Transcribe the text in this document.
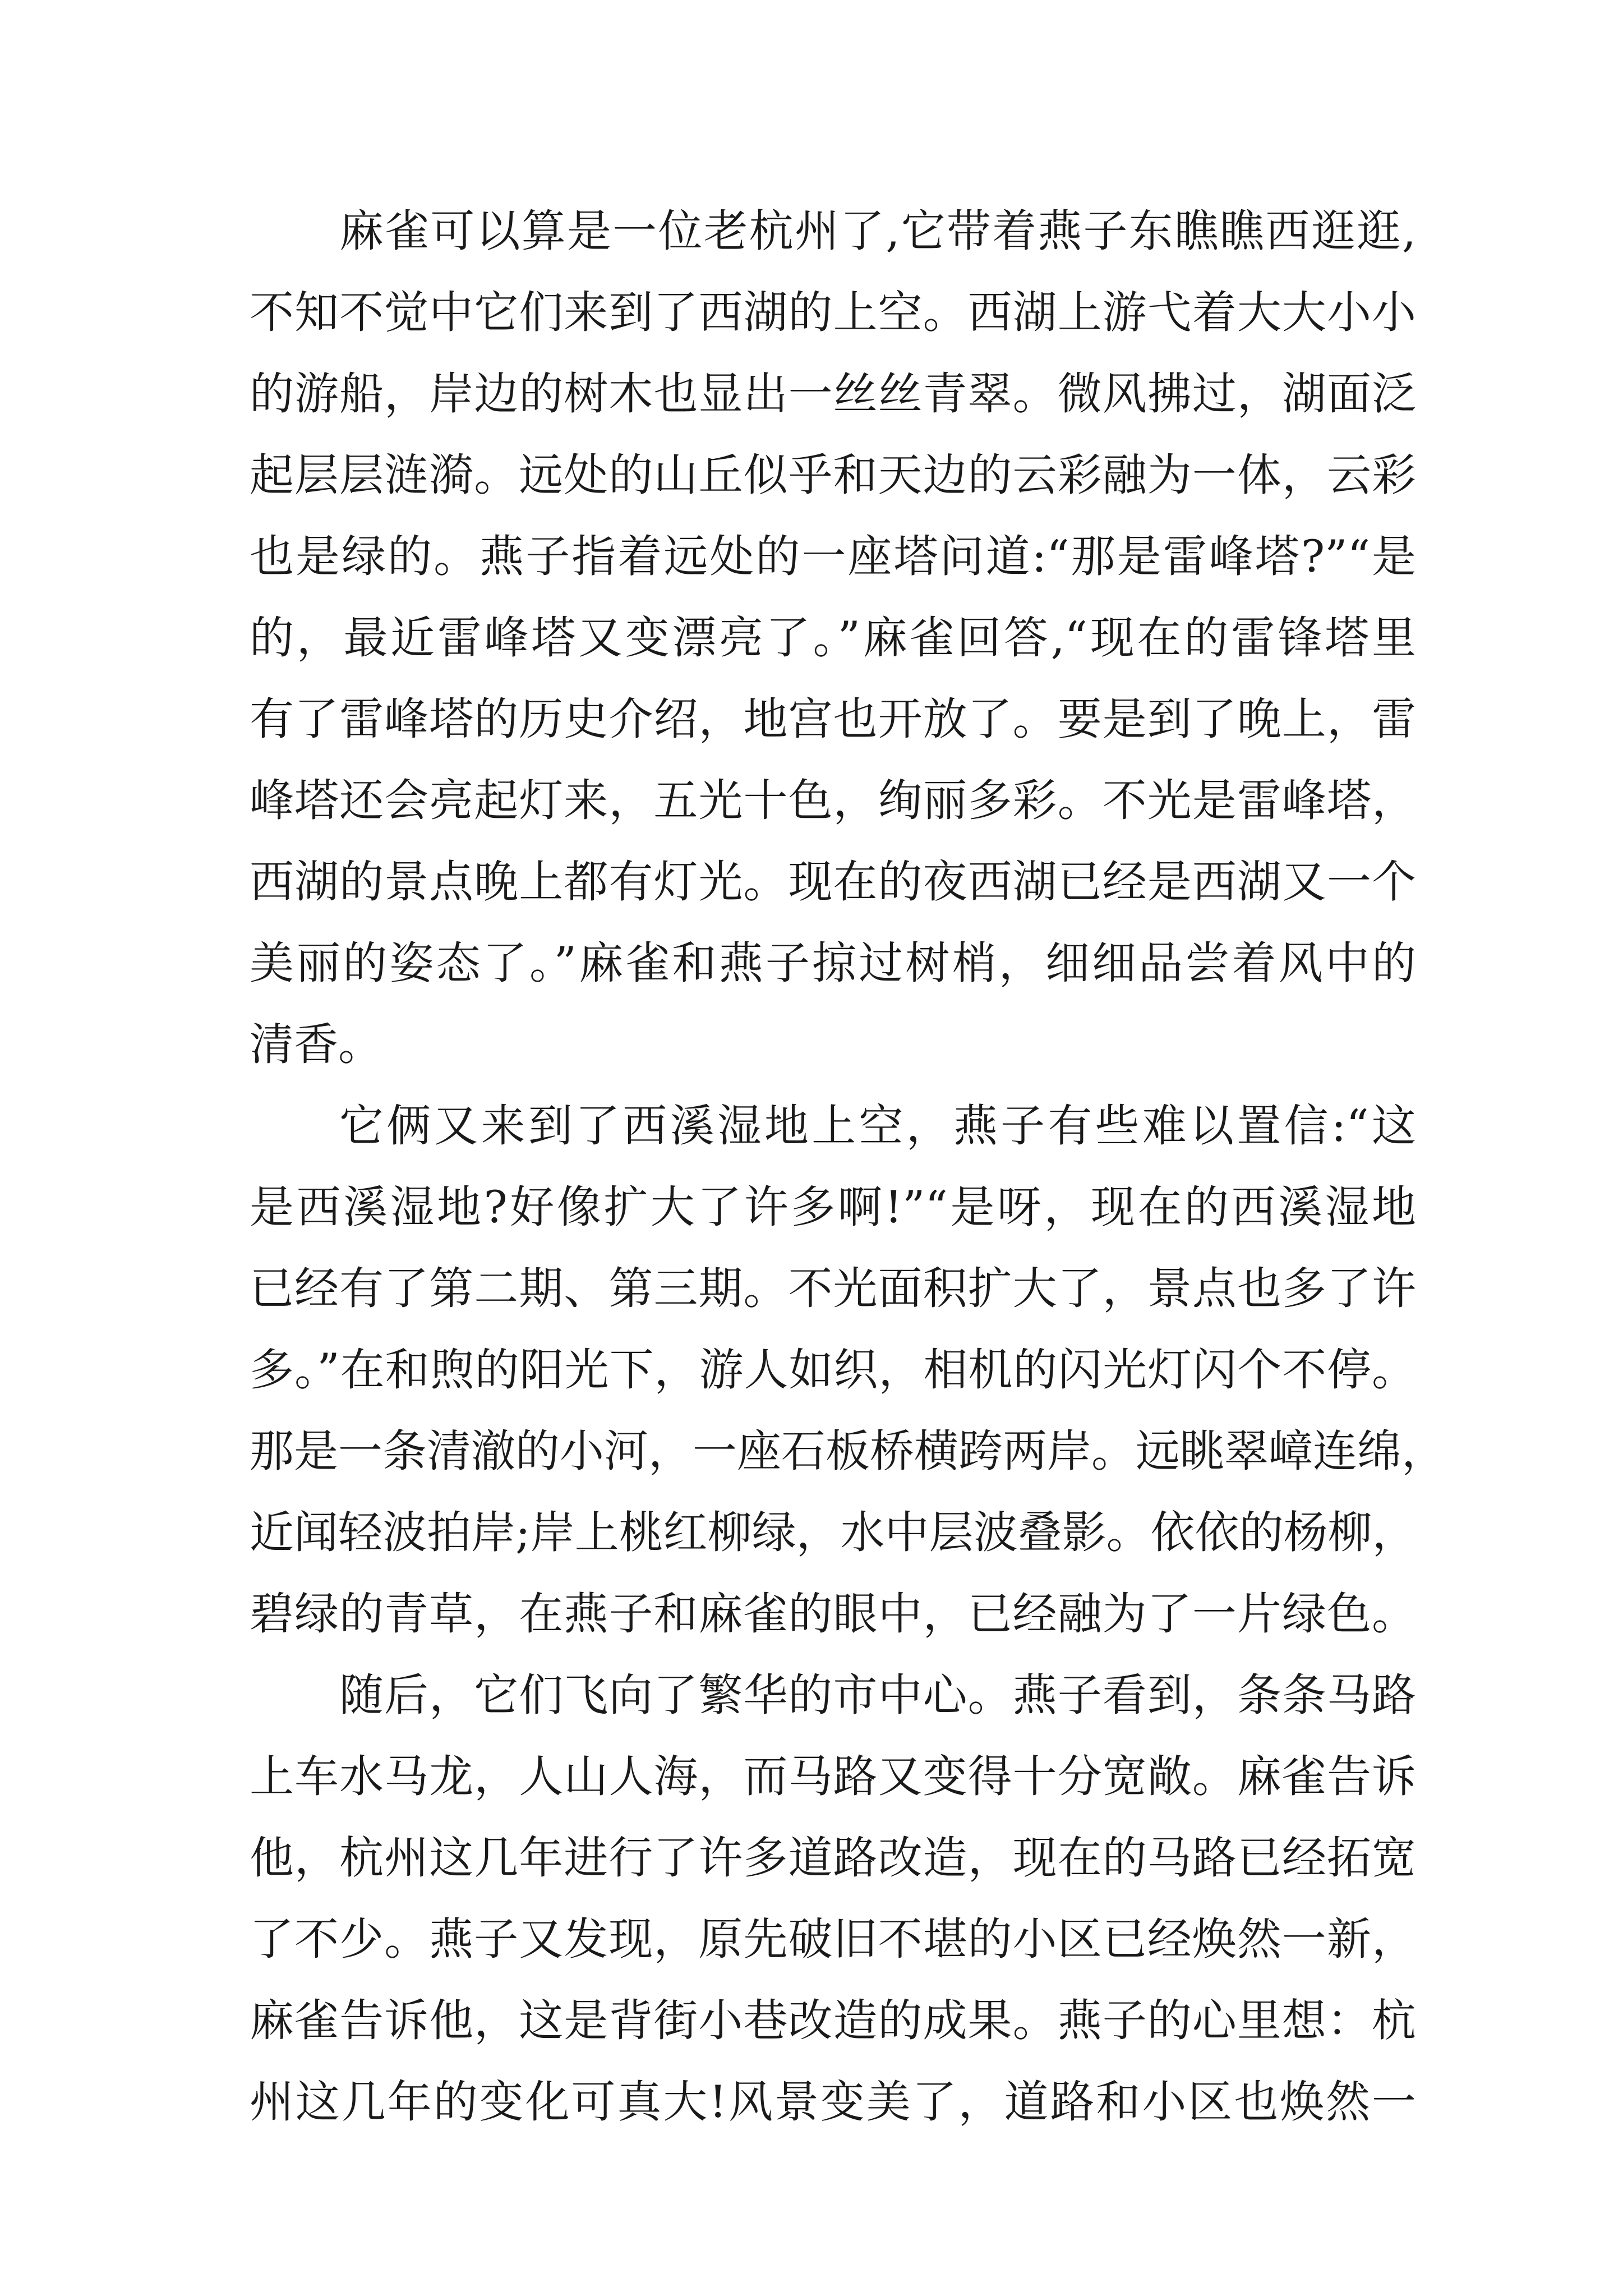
麻雀可以算是一位老杭州了,它带着燕子东瞧瞧西逛逛,
不知不觉中它们来到了西湖的上空。西湖上游弋着大大小小
的游船，岸边的树木也显出一丝丝青翠。微风拂过，湖面泛
起层层涟漪。远处的山丘似乎和天边的云彩融为一体，云彩
也是绿的。燕子指着远处的一座塔问道:“那是雷峰塔?”“是
的，最近雷峰塔又变漂亮了。”麻雀回答,“现在的雷锋塔里
有了雷峰塔的历史介绍，地宫也开放了。要是到了晚上，雷
峰塔还会亮起灯来，五光十色，绚丽多彩。不光是雷峰塔，
西湖的景点晚上都有灯光。现在的夜西湖已经是西湖又一个
美丽的姿态了。”麻雀和燕子掠过树梢，细细品尝着风中的
清香。
它俩又来到了西溪湿地上空，燕子有些难以置信:“这
是西溪湿地?好像扩大了许多啊!”“是呀，现在的西溪湿地
已经有了第二期、第三期。不光面积扩大了，景点也多了许
多。”在和煦的阳光下，游人如织，相机的闪光灯闪个不停。
那是一条清澈的小河，一座石板桥横跨两岸。远眺翠嶂连绵，
近闻轻波拍岸;岸上桃红柳绿，水中层波叠影。依依的杨柳，
碧绿的青草，在燕子和麻雀的眼中，已经融为了一片绿色。
随后，它们飞向了繁华的市中心。燕子看到，条条马路
上车水马龙，人山人海，而马路又变得十分宽敞。麻雀告诉
他，杭州这几年进行了许多道路改造，现在的马路已经拓宽
了不少。燕子又发现，原先破旧不堪的小区已经焕然一新，
麻雀告诉他，这是背街小巷改造的成果。燕子的心里想：杭
州这几年的变化可真大!风景变美了，道路和小区也焕然一
